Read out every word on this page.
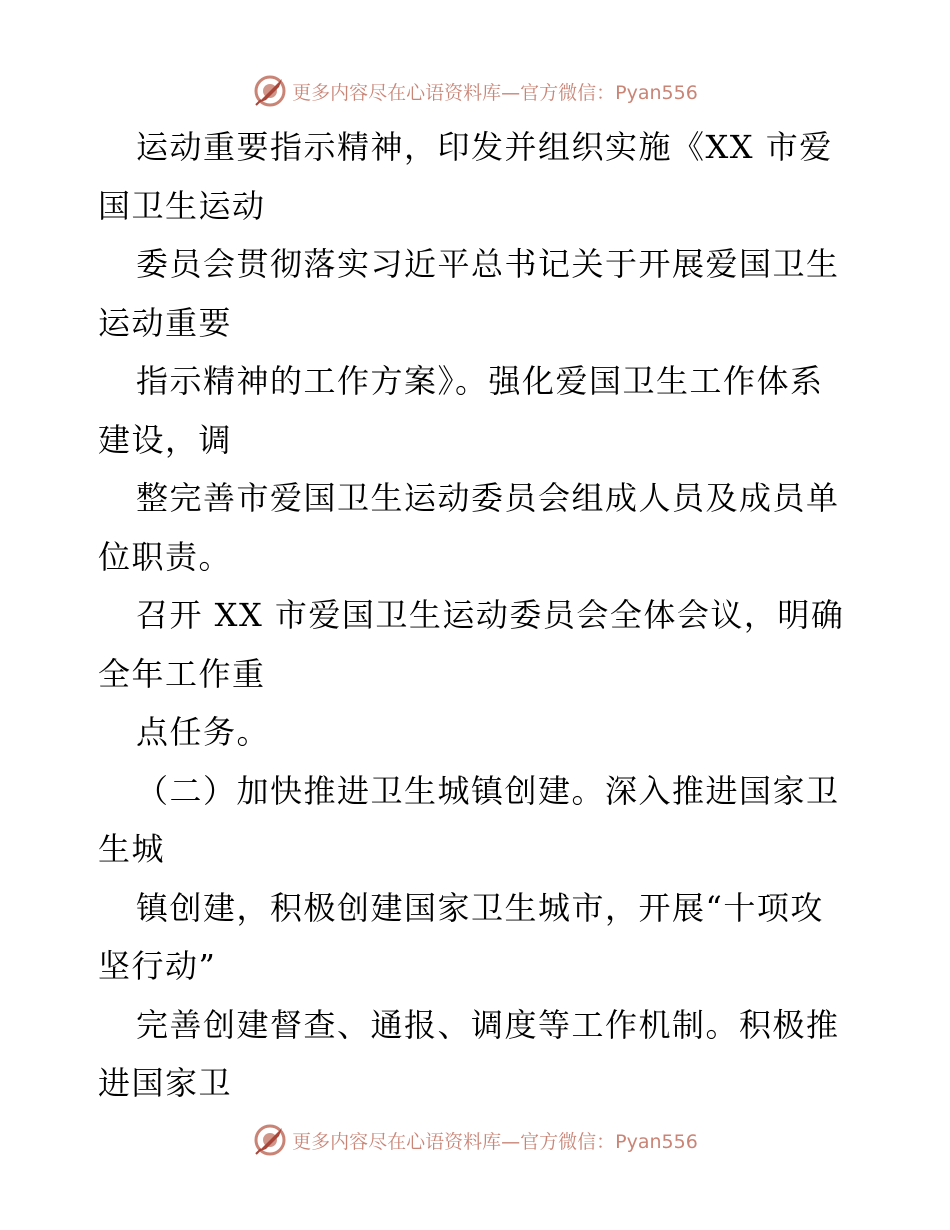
更多内容尽在心语资料库—官方微信：Pyan556
运动重要指示精神，印发并组织实施《XX 市爱
国卫生运动
委员会贯彻落实习近平总书记关于开展爱国卫生
运动重要
指示精神的工作方案》。强化爱国卫生工作体系
建设，调
整完善市爱国卫生运动委员会组成人员及成员单
位职责。
召开 XX 市爱国卫生运动委员会全体会议，明确
全年工作重
点任务。
（二）加快推进卫生城镇创建。深入推进国家卫
生城
镇创建，积极创建国家卫生城市，开展“十项攻
坚行动”
完善创建督查、通报、调度等工作机制。积极推
进国家卫
更多内容尽在心语资料库—官方微信：Pyan556
